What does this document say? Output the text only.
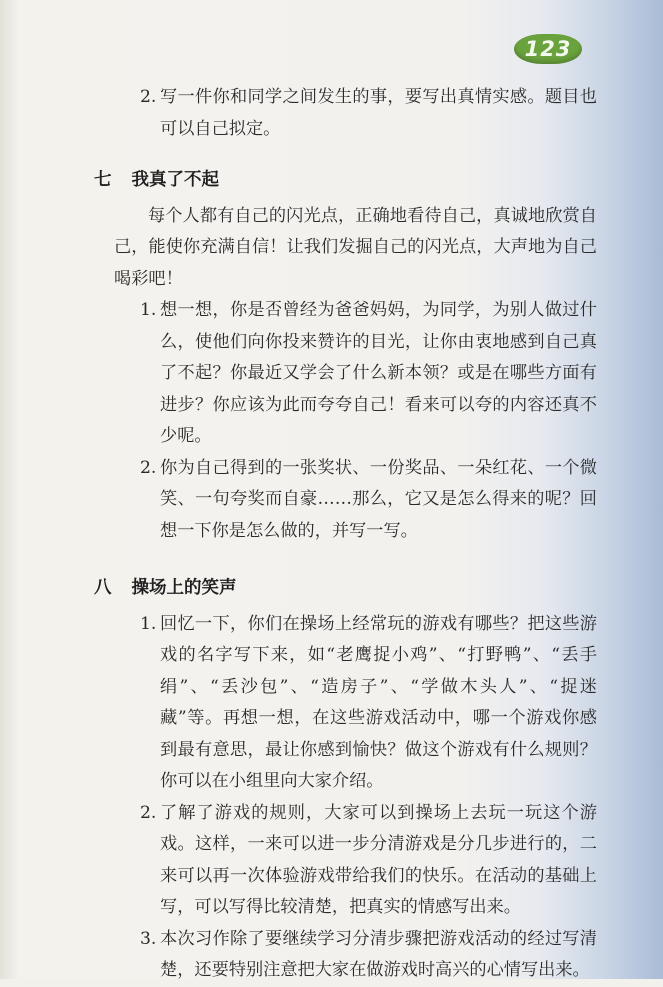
123
2. 写一件你和同学之间发生的事，要写出真情实感。题目也可以自己拟定。
七 我真了不起
每个人都有自己的闪光点，正确地看待自己，真诚地欣赏自己，能使你充满自信！让我们发掘自己的闪光点，大声地为自己喝彩吧！
1. 想一想，你是否曾经为爸爸妈妈，为同学，为别人做过什么，使他们向你投来赞许的目光，让你由衷地感到自己真了不起？你最近又学会了什么新本领？或是在哪些方面有进步？你应该为此而夸夸自己！看来可以夸的内容还真不少呢。
2. 你为自己得到的一张奖状、一份奖品、一朵红花、一个微笑、一句夸奖而自豪……那么，它又是怎么得来的呢？回想一下你是怎么做的，并写一写。
八 操场上的笑声
1. 回忆一下，你们在操场上经常玩的游戏有哪些？把这些游戏的名字写下来，如“老鹰捉小鸡”、“打野鸭”、“丢手绢”、“丢沙包”、“造房子”、“学做木头人”、“捉迷藏”等。再想一想，在这些游戏活动中，哪一个游戏你感到最有意思，最让你感到愉快？做这个游戏有什么规则？你可以在小组里向大家介绍。
2. 了解了游戏的规则，大家可以到操场上去玩一玩这个游戏。这样，一来可以进一步分清游戏是分几步进行的，二来可以再一次体验游戏带给我们的快乐。在活动的基础上写，可以写得比较清楚，把真实的情感写出来。
3. 本次习作除了要继续学习分清步骤把游戏活动的经过写清楚，还要特别注意把大家在做游戏时高兴的心情写出来。
